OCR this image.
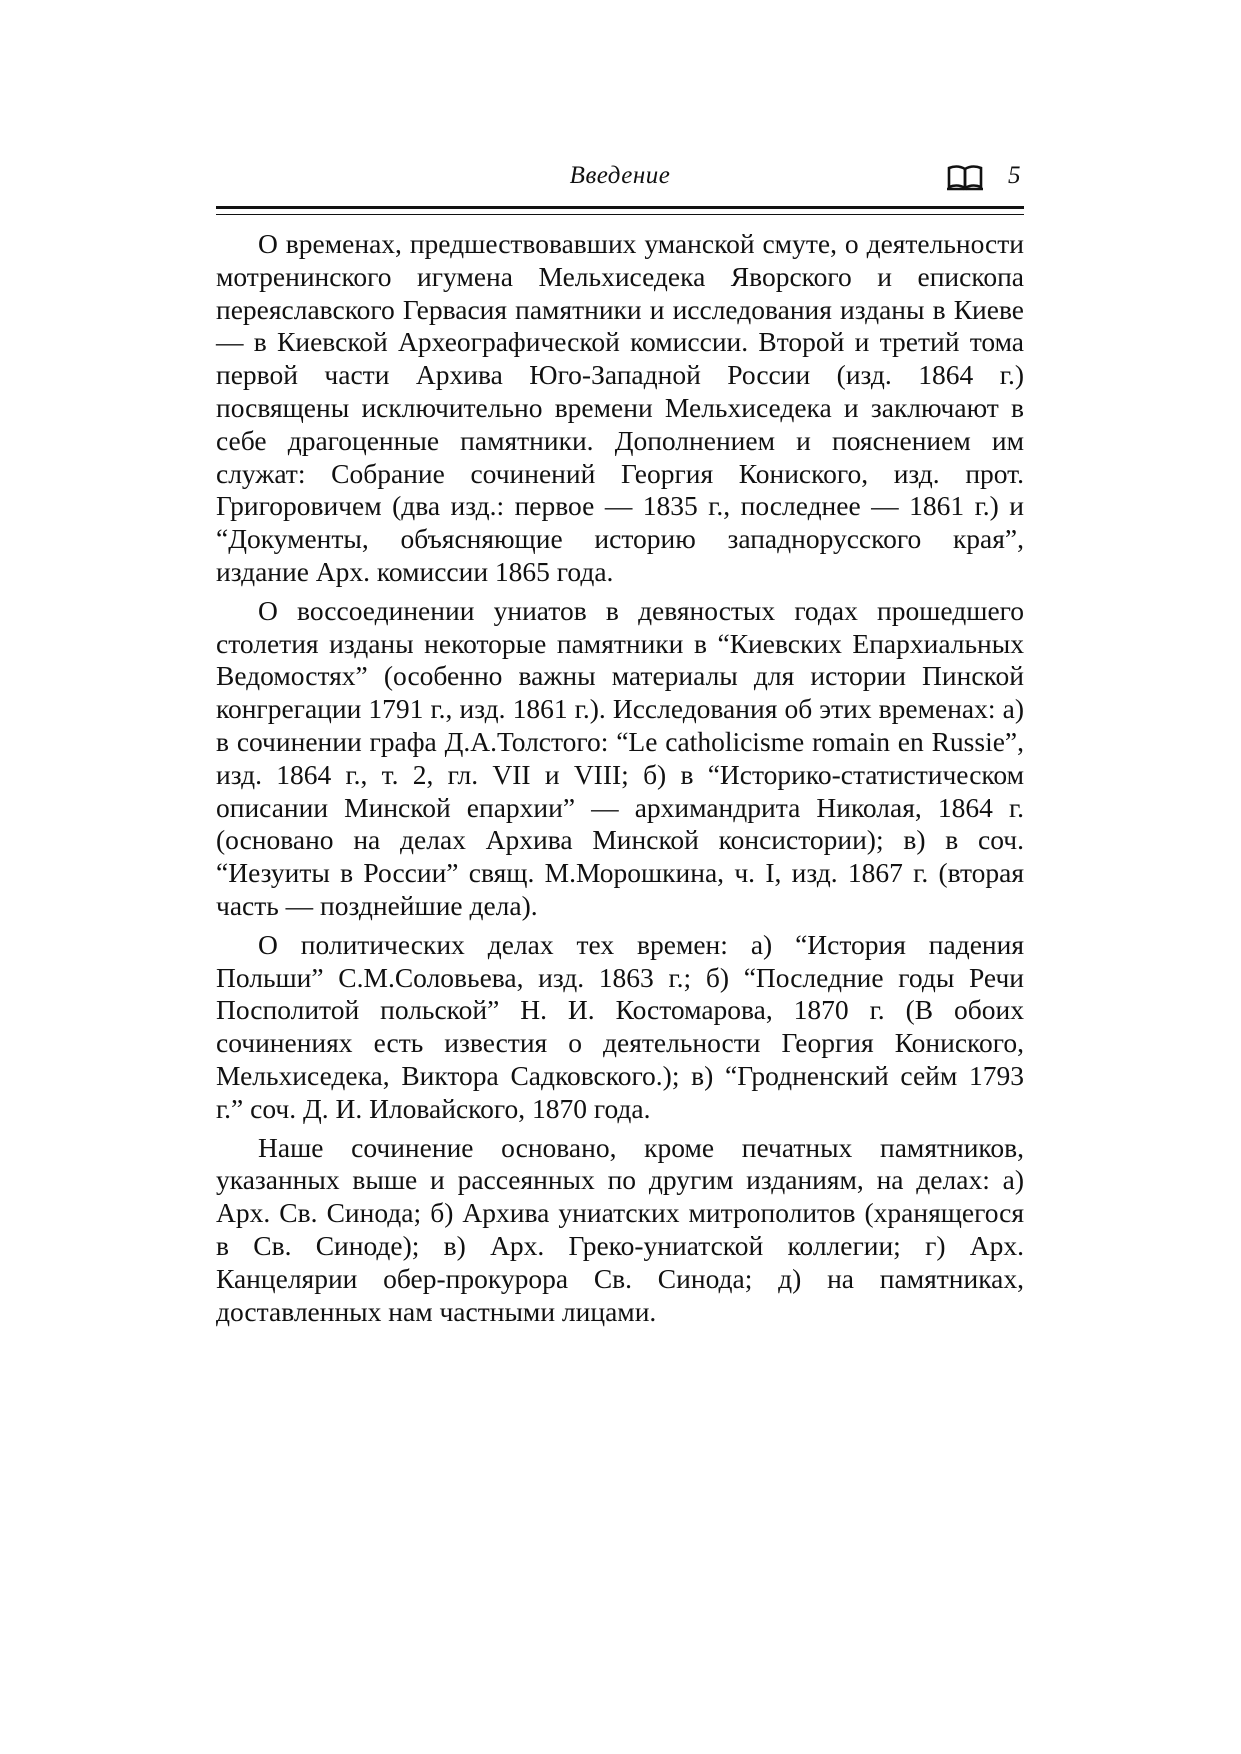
Введение	5

О временах, предшествовавших уманской смуте, о деятельности мотренинского игумена Мельхиседека Яворского и епископа переяславского Гервасия памятники и исследования изданы в Киеве — в Киевской Археографической комиссии. Второй и третий тома первой части Архива Юго-Западной России (изд. 1864 г.) посвящены исключительно времени Мельхиседека и заключают в себе драгоценные памятники. Дополнением и пояснением им служат: Собрание сочинений Георгия Кониского, изд. прот. Григоровичем (два изд.: первое — 1835 г., последнее — 1861 г.) и “Документы, объясняющие историю западнорусского края”, издание Арх. комиссии 1865 года.

О воссоединении униатов в девяностых годах прошедшего столетия изданы некоторые памятники в “Киевских Епархиальных Ведомостях” (особенно важны материалы для истории Пинской конгрегации 1791 г., изд. 1861 г.). Исследования об этих временах: а) в сочинении графа Д.А.Толстого: “Le catholicisme romain en Russie”, изд. 1864 г., т. 2, гл. VII и VIII; б) в “Историко-статистическом описании Минской епархии” — архимандрита Николая, 1864 г. (основано на делах Архива Минской консистории); в) в соч. “Иезуиты в России” свящ. М.Морошкина, ч. I, изд. 1867 г. (вторая часть — позднейшие дела).

О политических делах тех времен: а) “История падения Польши” С.М.Соловьева, изд. 1863 г.; б) “Последние годы Речи Посполитой польской” Н. И. Костомарова, 1870 г. (В обоих сочинениях есть известия о деятельности Георгия Кониского, Мельхиседека, Виктора Садковского.); в) “Гродненский сейм 1793 г.” соч. Д. И. Иловайского, 1870 года.

Наше сочинение основано, кроме печатных памятников, указанных выше и рассеянных по другим изданиям, на делах: а) Арх. Св. Синода; б) Архива униатских митрополитов (хранящегося в Св. Синоде); в) Арх. Греко-униатской коллегии; г) Арх. Канцелярии обер-прокурора Св. Синода; д) на памятниках, доставленных нам частными лицами.
